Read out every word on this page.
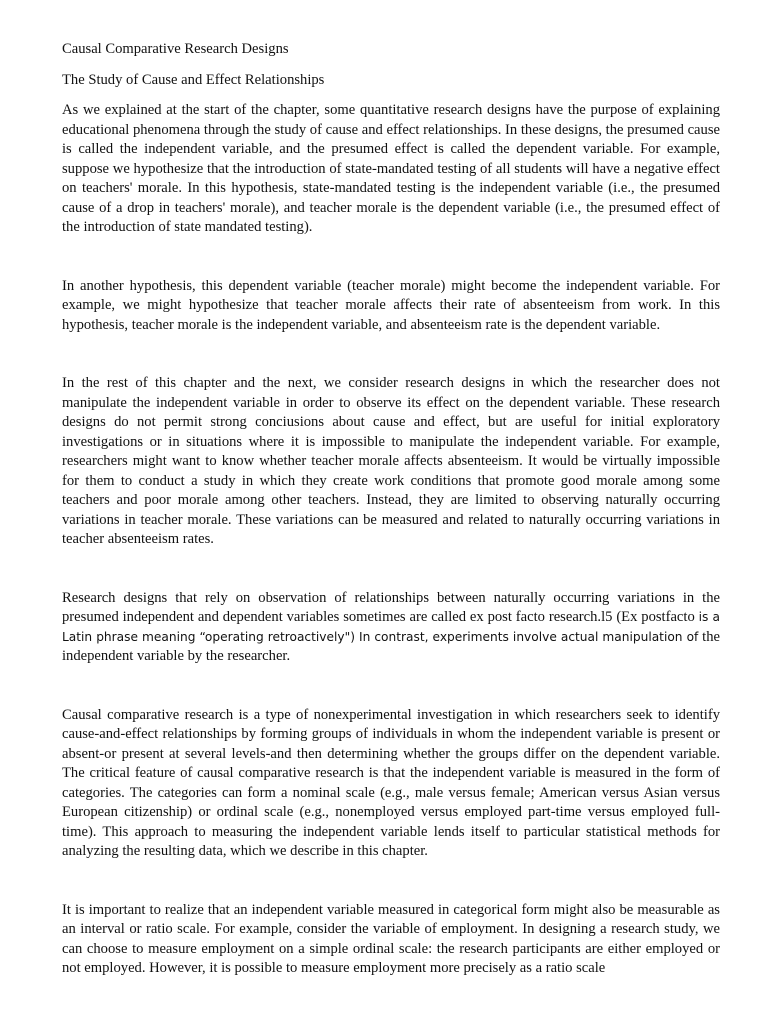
Causal Comparative Research Designs

The Study of Cause and Effect Relationships

As we explained at the start of the chapter, some quantitative research designs have the purpose of explaining educational phenomena through the study of cause and effect relationships. In these designs, the presumed cause is called the independent variable, and the presumed effect is called the dependent variable. For example, suppose we hypothesize that the introduction of state-mandated testing of all students will have a negative effect on teachers' morale. In this hypothesis, state-mandated testing is the independent variable (i.e., the presumed cause of a drop in teachers' morale), and teacher morale is the dependent variable (i.e., the presumed effect of the introduction of state mandated testing).

In another hypothesis, this dependent variable (teacher morale) might become the independent variable. For example, we might hypothesize that teacher morale affects their rate of absenteeism from work. In this hypothesis, teacher morale is the independent variable, and absenteeism rate is the dependent variable.

In the rest of this chapter and the next, we consider research designs in which the researcher does not manipulate the independent variable in order to observe its effect on the dependent variable. These research designs do not permit strong conciusions about cause and effect, but are useful for initial exploratory investigations or in situations where it is impossible to manipulate the independent variable. For example, researchers might want to know whether teacher morale affects absenteeism. It would be virtually impossible for them to conduct a study in which they create work conditions that promote good morale among some teachers and poor morale among other teachers. Instead, they are limited to observing naturally occurring variations in teacher morale. These variations can be measured and related to naturally occurring variations in teacher absenteeism rates.

Research designs that rely on observation of relationships between naturally occurring variations in the presumed independent and dependent variables sometimes are called ex post facto research.l5 (Ex postfacto is a Latin phrase meaning “operating retroactively") In contrast, experiments involve actual manipulation of the independent variable by the researcher.

Causal comparative research is a type of nonexperimental investigation in which researchers seek to identify cause-and-effect relationships by forming groups of individuals in whom the independent variable is present or absent-or present at several levels-and then determining whether the groups differ on the dependent variable. The critical feature of causal comparative research is that the independent variable is measured in the form of categories. The categories can form a nominal scale (e.g., male versus female; American versus Asian versus European citizenship) or ordinal scale (e.g., nonemployed versus employed part-time versus employed full-time). This approach to measuring the independent variable lends itself to particular statistical methods for analyzing the resulting data, which we describe in this chapter.

It is important to realize that an independent variable measured in categorical form might also be measurable as an interval or ratio scale. For example, consider the variable of employment. In designing a research study, we can choose to measure employment on a simple ordinal scale: the research participants are either employed or not employed. However, it is possible to measure employment more precisely as a ratio scale
